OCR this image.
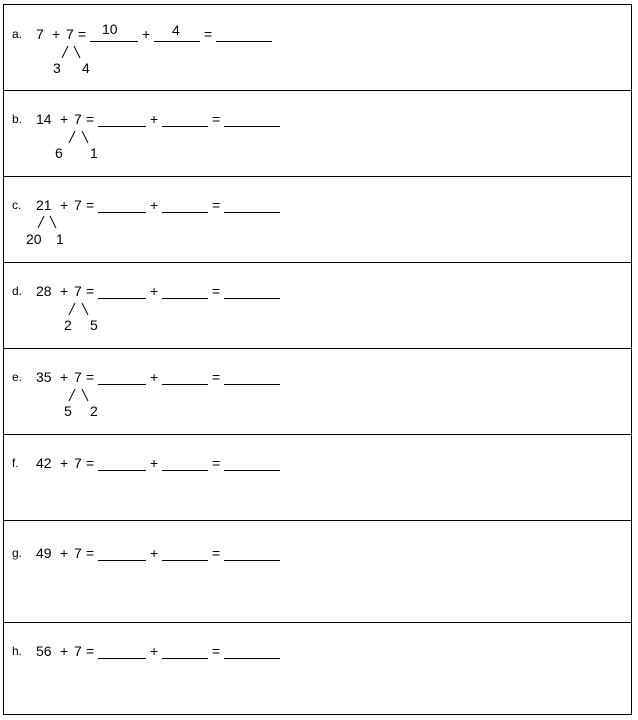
a. 7 + 7 = 10 + 4 =
3 4
b. 14 + 7 =	+	=
6 1
c. 21 + 7 =	+	=
20 1
d. 28 + 7 =	+	=
2 5
e. 35 + 7 =	+	=
5 2
f. 42 + 7 =	+	=
g. 49 + 7 =	+	=
h. 56 + 7 =	+	=
